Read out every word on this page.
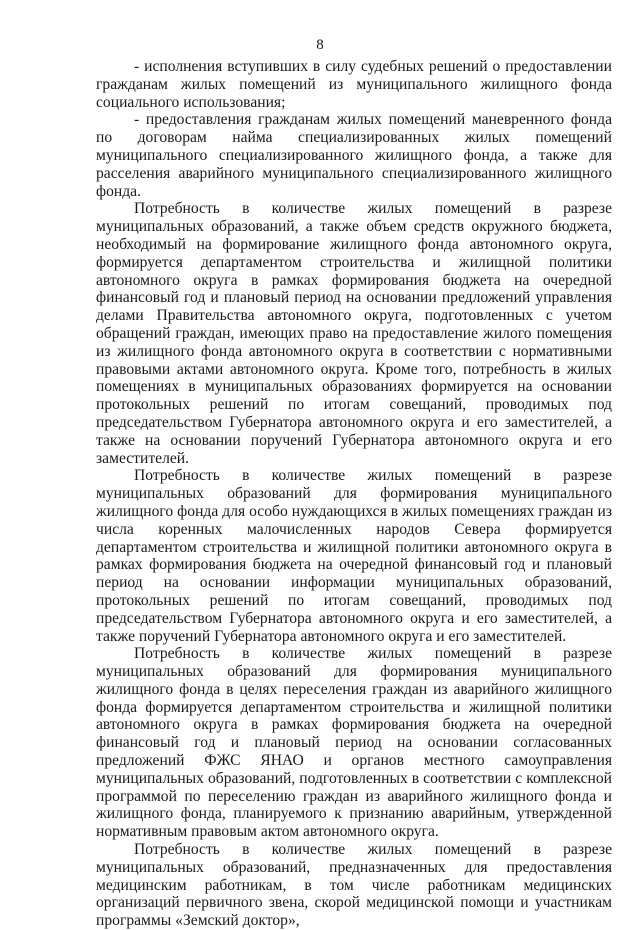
8

- исполнения вступивших в силу судебных решений о предоставлении гражданам жилых помещений из муниципального жилищного фонда социального использования;

- предоставления гражданам жилых помещений маневренного фонда по договорам найма специализированных жилых помещений муниципального специализированного жилищного фонда, а также для расселения аварийного муниципального специализированного жилищного фонда.

Потребность в количестве жилых помещений в разрезе муниципальных образований, а также объем средств окружного бюджета, необходимый на формирование жилищного фонда автономного округа, формируется департаментом строительства и жилищной политики автономного округа в рамках формирования бюджета на очередной финансовый год и плановый период на основании предложений управления делами Правительства автономного округа, подготовленных с учетом обращений граждан, имеющих право на предоставление жилого помещения из жилищного фонда автономного округа в соответствии с нормативными правовыми актами автономного округа. Кроме того, потребность в жилых помещениях в муниципальных образованиях формируется на основании протокольных решений по итогам совещаний, проводимых под председательством Губернатора автономного округа и его заместителей, а также на основании поручений Губернатора автономного округа и его заместителей.

Потребность в количестве жилых помещений в разрезе муниципальных образований для формирования муниципального жилищного фонда для особо нуждающихся в жилых помещениях граждан из числа коренных малочисленных народов Севера формируется департаментом строительства и жилищной политики автономного округа в рамках формирования бюджета на очередной финансовый год и плановый период на основании информации муниципальных образований, протокольных решений по итогам совещаний, проводимых под председательством Губернатора автономного округа и его заместителей, а также поручений Губернатора автономного округа и его заместителей.

Потребность в количестве жилых помещений в разрезе муниципальных образований для формирования муниципального жилищного фонда в целях переселения граждан из аварийного жилищного фонда формируется департаментом строительства и жилищной политики автономного округа в рамках формирования бюджета на очередной финансовый год и плановый период на основании согласованных предложений ФЖС ЯНАО и органов местного самоуправления муниципальных образований, подготовленных в соответствии с комплексной программой по переселению граждан из аварийного жилищного фонда и жилищного фонда, планируемого к признанию аварийным, утвержденной нормативным правовым актом автономного округа.

Потребность в количестве жилых помещений в разрезе муниципальных образований, предназначенных для предоставления медицинским работникам, в том числе работникам медицинских организаций первичного звена, скорой медицинской помощи и участникам программы «Земский доктор»,
